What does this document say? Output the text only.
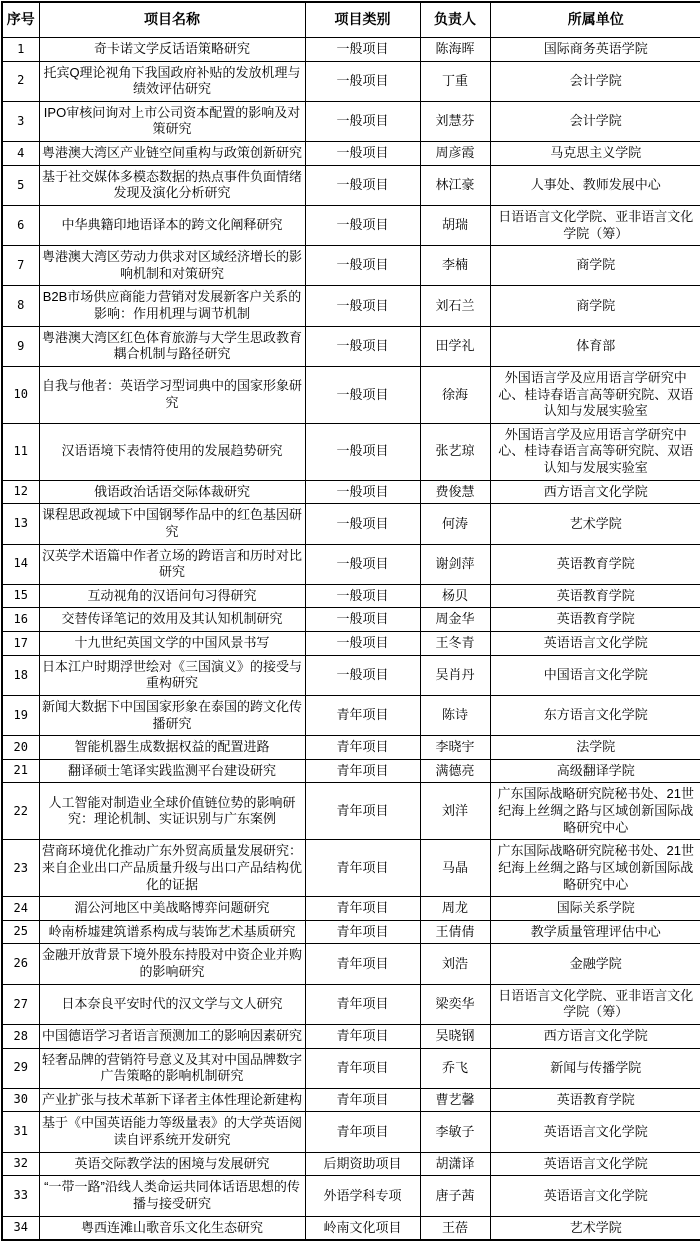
序号	项目名称	项目类别	负责人	所属单位
1	奇卡诺文学反话语策略研究	一般项目	陈海晖	国际商务英语学院
2	托宾Q理论视角下我国政府补贴的发放机理与绩效评估研究	一般项目	丁重	会计学院
3	IPO审核问询对上市公司资本配置的影响及对策研究	一般项目	刘慧芬	会计学院
4	粤港澳大湾区产业链空间重构与政策创新研究	一般项目	周彦霞	马克思主义学院
5	基于社交媒体多模态数据的热点事件负面情绪发现及演化分析研究	一般项目	林江豪	人事处、教师发展中心
6	中华典籍印地语译本的跨文化阐释研究	一般项目	胡瑞	日语语言文化学院、亚非语言文化学院（筹）
7	粤港澳大湾区劳动力供求对区域经济增长的影响机制和对策研究	一般项目	李楠	商学院
8	B2B市场供应商能力营销对发展新客户关系的影响：作用机理与调节机制	一般项目	刘石兰	商学院
9	粤港澳大湾区红色体育旅游与大学生思政教育耦合机制与路径研究	一般项目	田学礼	体育部
10	自我与他者：英语学习型词典中的国家形象研究	一般项目	徐海	外国语言学及应用语言学研究中心、桂诗春语言高等研究院、双语认知与发展实验室
11	汉语语境下表情符使用的发展趋势研究	一般项目	张艺琼	外国语言学及应用语言学研究中心、桂诗春语言高等研究院、双语认知与发展实验室
12	俄语政治话语交际体裁研究	一般项目	费俊慧	西方语言文化学院
13	课程思政视域下中国钢琴作品中的红色基因研究	一般项目	何涛	艺术学院
14	汉英学术语篇中作者立场的跨语言和历时对比研究	一般项目	谢剑萍	英语教育学院
15	互动视角的汉语问句习得研究	一般项目	杨贝	英语教育学院
16	交替传译笔记的效用及其认知机制研究	一般项目	周金华	英语教育学院
17	十九世纪英国文学的中国风景书写	一般项目	王冬青	英语语言文化学院
18	日本江户时期浮世绘对《三国演义》的接受与重构研究	一般项目	吴肖丹	中国语言文化学院
19	新闻大数据下中国国家形象在泰国的跨文化传播研究	青年项目	陈诗	东方语言文化学院
20	智能机器生成数据权益的配置进路	青年项目	李晓宇	法学院
21	翻译硕士笔译实践监测平台建设研究	青年项目	满德亮	高级翻译学院
22	人工智能对制造业全球价值链位势的影响研究：理论机制、实证识别与广东案例	青年项目	刘洋	广东国际战略研究院秘书处、21世纪海上丝绸之路与区域创新国际战略研究中心
23	营商环境优化推动广东外贸高质量发展研究：来自企业出口产品质量升级与出口产品结构优化的证据	青年项目	马晶	广东国际战略研究院秘书处、21世纪海上丝绸之路与区域创新国际战略研究中心
24	湄公河地区中美战略博弈问题研究	青年项目	周龙	国际关系学院
25	岭南桥墟建筑谱系构成与装饰艺术基质研究	青年项目	王倩倩	教学质量管理评估中心
26	金融开放背景下境外股东持股对中资企业并购的影响研究	青年项目	刘浩	金融学院
27	日本奈良平安时代的汉文学与文人研究	青年项目	梁奕华	日语语言文化学院、亚非语言文化学院（筹）
28	中国德语学习者语言预测加工的影响因素研究	青年项目	吴晓钢	西方语言文化学院
29	轻奢品牌的营销符号意义及其对中国品牌数字广告策略的影响机制研究	青年项目	乔飞	新闻与传播学院
30	产业扩张与技术革新下译者主体性理论新建构	青年项目	曹艺馨	英语教育学院
31	基于《中国英语能力等级量表》的大学英语阅读自评系统开发研究	青年项目	李敏子	英语语言文化学院
32	英语交际教学法的困境与发展研究	后期资助项目	胡潇译	英语语言文化学院
33	“一带一路”沿线人类命运共同体话语思想的传播与接受研究	外语学科专项	唐子茜	英语语言文化学院
34	粤西连滩山歌音乐文化生态研究	岭南文化项目	王蓓	艺术学院
